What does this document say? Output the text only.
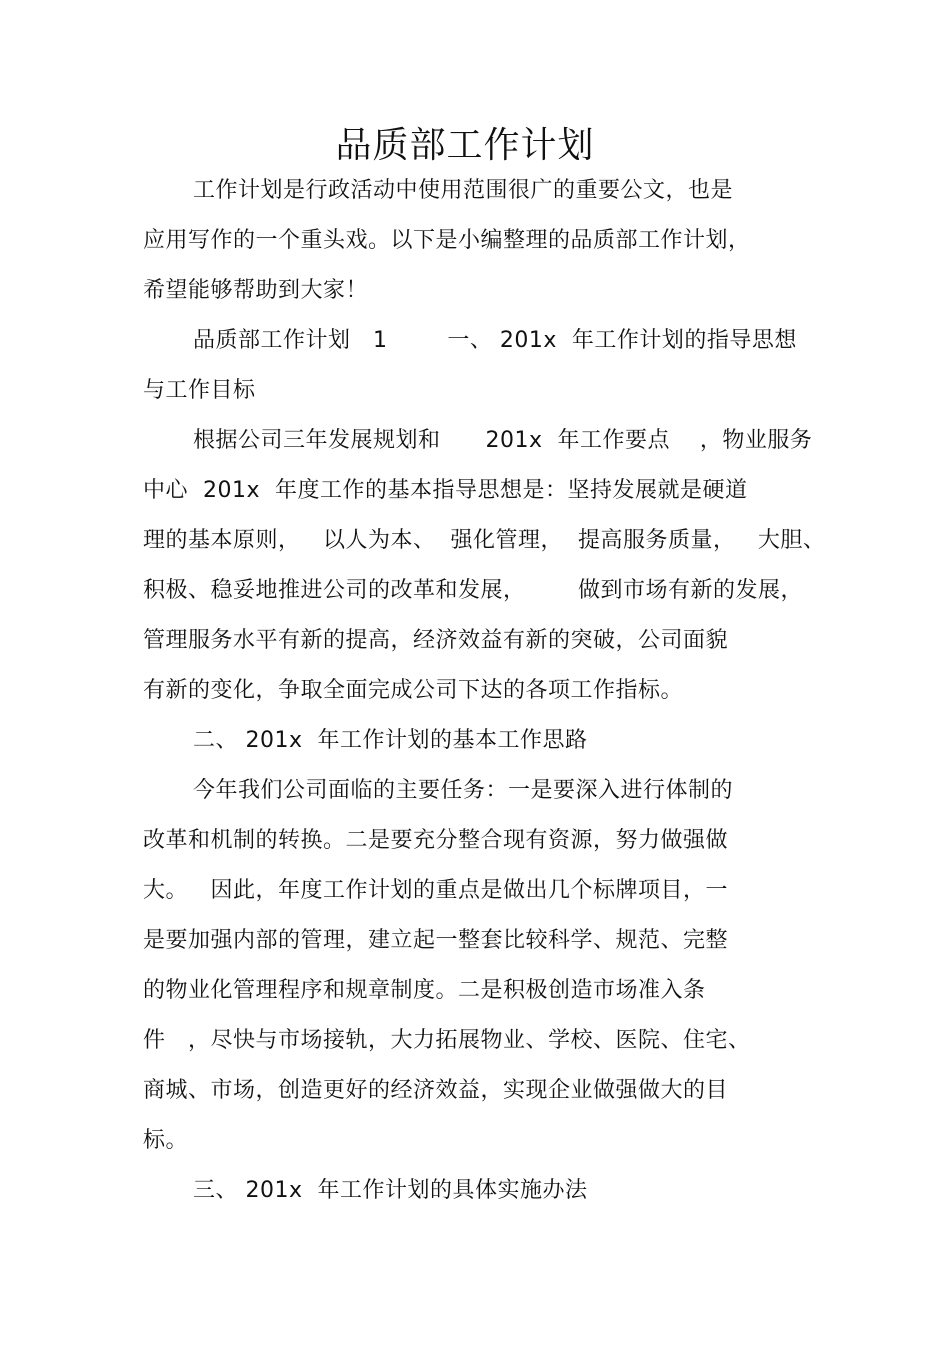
品质部工作计划
工作计划是行政活动中使用范围很广的重要公文，也是
应用写作的一个重头戏。以下是小编整理的品质部工作计划，
希望能够帮助到大家！
品质部工作计划   1        一、 201x  年工作计划的指导思想
与工作目标
根据公司三年发展规划和      201x  年工作要点    ，物业服务
中心  201x  年度工作的基本指导思想是：坚持发展就是硬道
理的基本原则，   以人为本、  强化管理，  提高服务质量，   大胆、
积极、稳妥地推进公司的改革和发展，       做到市场有新的发展，
管理服务水平有新的提高，经济效益有新的突破，公司面貌
有新的变化，争取全面完成公司下达的各项工作指标。
二、 201x  年工作计划的基本工作思路
今年我们公司面临的主要任务：一是要深入进行体制的
改革和机制的转换。二是要充分整合现有资源，努力做强做
大。   因此，年度工作计划的重点是做出几个标牌项目，一
是要加强内部的管理，建立起一整套比较科学、规范、完整
的物业化管理程序和规章制度。二是积极创造市场准入条
件   ，尽快与市场接轨，大力拓展物业、学校、医院、住宅、
商城、市场，创造更好的经济效益，实现企业做强做大的目
标。
三、 201x  年工作计划的具体实施办法
